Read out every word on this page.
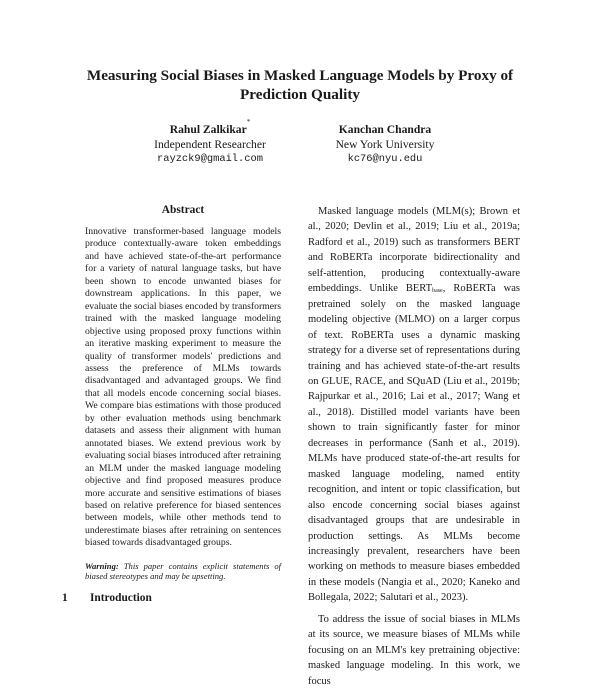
Measuring Social Biases in Masked Language Models by Proxy of Prediction Quality
Rahul Zalkikar*
Independent Researcher
rayzck9@gmail.com
Kanchan Chandra
New York University
kc76@nyu.edu
Abstract

Innovative transformer-based language models produce contextually-aware token embeddings and have achieved state-of-the-art performance for a variety of natural language tasks, but have been shown to encode unwanted biases for downstream applications. In this paper, we evaluate the social biases encoded by transformers trained with the masked language modeling objective using proposed proxy functions within an iterative masking experiment to measure the quality of transformer models' predictions and assess the preference of MLMs towards disadvantaged and advantaged groups. We find that all models encode concerning social biases. We compare bias estimations with those produced by other evaluation methods using benchmark datasets and assess their alignment with human annotated biases. We extend previous work by evaluating social biases introduced after retraining an MLM under the masked language modeling objective and find proposed measures produce more accurate and sensitive estimations of biases based on relative preference for biased sentences between models, while other methods tend to underestimate biases after retraining on sentences biased towards disadvantaged groups.

Warning: This paper contains explicit statements of biased stereotypes and may be upsetting.

1 Introduction

Masked language models (MLM(s); Brown et al., 2020; Devlin et al., 2019; Liu et al., 2019a; Radford et al., 2019) such as transformers BERT and RoBERTa incorporate bidirectionality and self-attention, producing contextually-aware embeddings. Unlike $BERT_{base}$, RoBERTa was pretrained solely on the masked language modeling objective (MLMO) on a larger corpus of text. RoBERTa uses a dynamic masking strategy for a diverse set of representations during training and has achieved state-of-the-art results on GLUE, RACE, and SQuAD (Liu et al., 2019b; Rajpurkar et al., 2016; Lai et al., 2017; Wang et al., 2018). Distilled model variants have been shown to train significantly faster for minor decreases in performance (Sanh et al., 2019). MLMs have produced state-of-the-art results for masked language modeling, named entity recognition, and intent or topic classification, but also encode concerning social biases against disadvantaged groups that are undesirable in production settings. As MLMs become increasingly prevalent, researchers have been working on methods to measure biases embedded in these models (Nangia et al., 2020; Kaneko and Bollegala, 2022; Salutari et al., 2023).

To address the issue of social biases in MLMs at its source, we measure biases of MLMs while focusing on an MLM's key pretraining objective: masked language modeling. In this work, we focus
